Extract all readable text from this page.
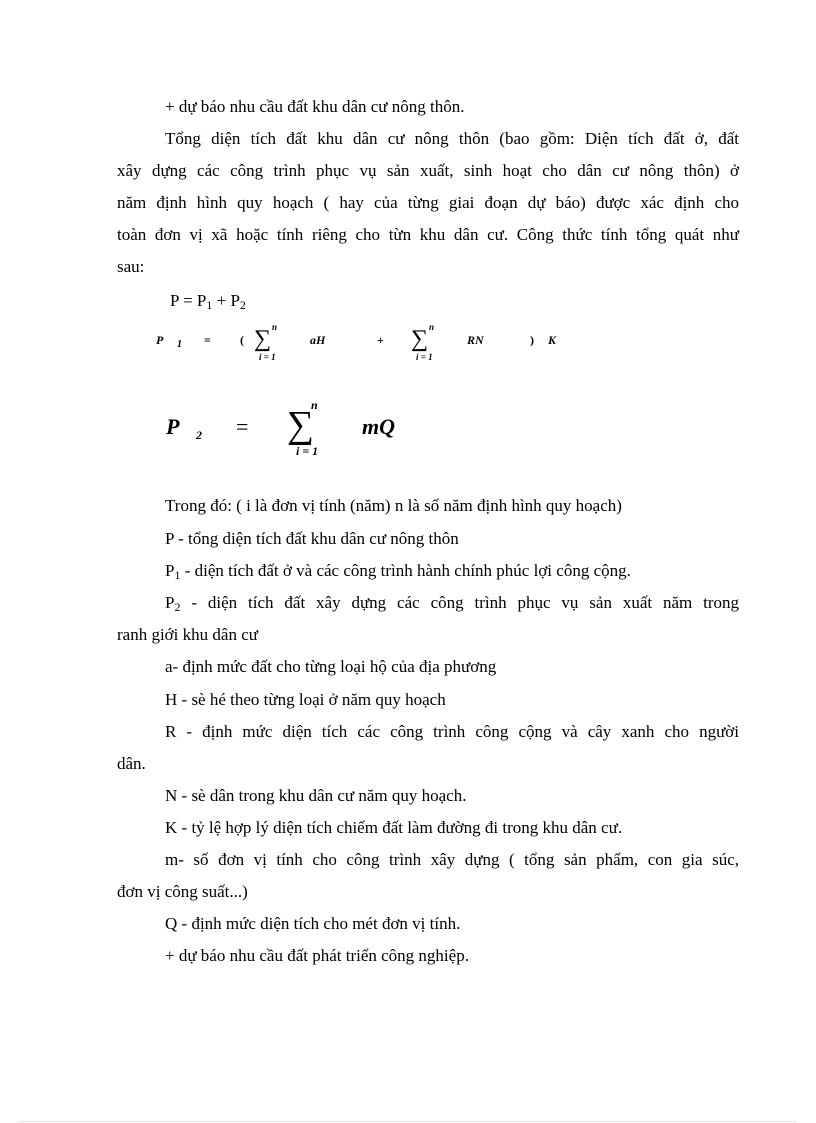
+ dự báo nhu cầu đất khu dân cư nông thôn.
Tổng diện tích đất khu dân cư nông thôn (bao gồm: Diện tích đất ở, đất
xây dựng các công trình phục vụ sản xuất, sinh hoạt cho dân cư nông thôn) ở
năm định hình quy hoạch ( hay của từng giai đoạn dự báo) được xác định cho
toàn đơn vị xã hoặc tính riêng cho từn khu dân cư. Công thức tính tổng quát như
sau:
$P = P_1 + P_2$
P 1 = ( ∑ n
i = 1
aH	+ ∑ n
i = 1
RN	) K
P 2 = ∑
n
i = 1
mQ
Trong đó: ( i là đơn vị tính (năm) n là số năm định hình quy hoạch)
P - tổng diện tích đất khu dân cư nông thôn
$P_1$ - diện tích đất ở và các công trình hành chính phúc lợi công cộng.
$P_2$ - diện tích đất xây dựng các công trình phục vụ sản xuất năm trong
ranh giới khu dân cư
a- định mức đất cho từng loại hộ của địa phương
H - sè hé theo từng loại ở năm quy hoạch
R - định mức diện tích các công trình công cộng và cây xanh cho người
dân.
N - sè dân trong khu dân cư năm quy hoạch.
K - tỷ lệ hợp lý diện tích chiếm đất làm đường đi trong khu dân cư.
m- số đơn vị tính cho công trình xây dựng ( tổng sản phẩm, con gia súc,
đơn vị công suất...)
Q - định mức diện tích cho mét đơn vị tính.
+ dự báo nhu cầu đất phát triển công nghiệp.
